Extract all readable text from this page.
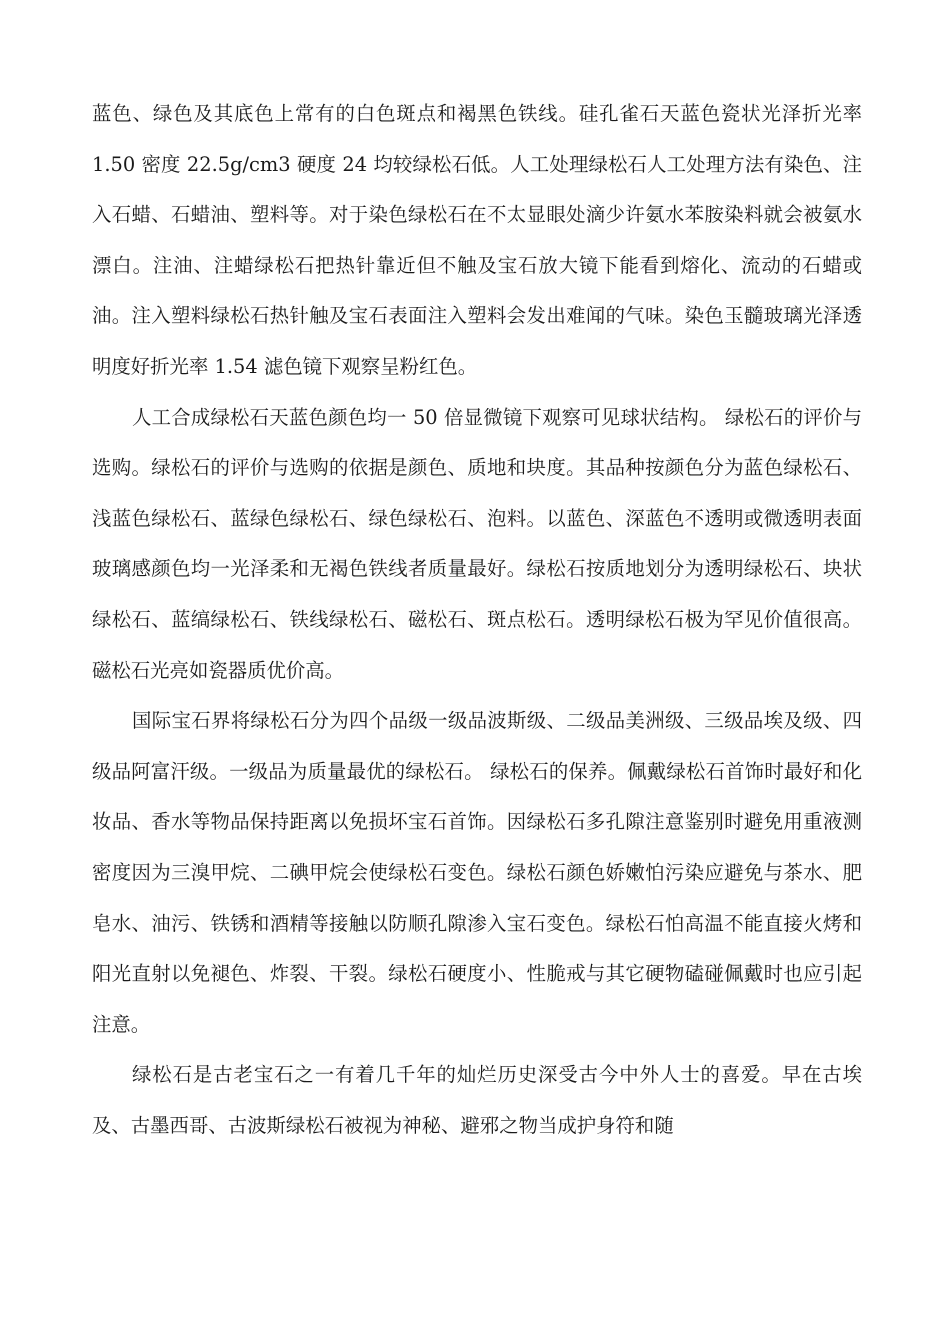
蓝色、绿色及其底色上常有的白色斑点和褐黑色铁线。硅孔雀石天蓝色瓷状光泽折光率 1.50 密度 22.5g/cm3 硬度 24 均较绿松石低。人工处理绿松石人工处理方法有染色、注入石蜡、石蜡油、塑料等。对于染色绿松石在不太显眼处滴少许氨水苯胺染料就会被氨水漂白。注油、注蜡绿松石把热针靠近但不触及宝石放大镜下能看到熔化、流动的石蜡或油。注入塑料绿松石热针触及宝石表面注入塑料会发出难闻的气味。染色玉髓玻璃光泽透明度好折光率 1.54 滤色镜下观察呈粉红色。

人工合成绿松石天蓝色颜色均一 50 倍显微镜下观察可见球状结构。 绿松石的评价与选购。绿松石的评价与选购的依据是颜色、质地和块度。其品种按颜色分为蓝色绿松石、浅蓝色绿松石、蓝绿色绿松石、绿色绿松石、泡料。以蓝色、深蓝色不透明或微透明表面玻璃感颜色均一光泽柔和无褐色铁线者质量最好。绿松石按质地划分为透明绿松石、块状绿松石、蓝缟绿松石、铁线绿松石、磁松石、斑点松石。透明绿松石极为罕见价值很高。磁松石光亮如瓷器质优价高。

国际宝石界将绿松石分为四个品级一级品波斯级、二级品美洲级、三级品埃及级、四级品阿富汗级。一级品为质量最优的绿松石。 绿松石的保养。佩戴绿松石首饰时最好和化妆品、香水等物品保持距离以免损坏宝石首饰。因绿松石多孔隙注意鉴别时避免用重液测密度因为三溴甲烷、二碘甲烷会使绿松石变色。绿松石颜色娇嫩怕污染应避免与茶水、肥皂水、油污、铁锈和酒精等接触以防顺孔隙渗入宝石变色。绿松石怕高温不能直接火烤和阳光直射以免褪色、炸裂、干裂。绿松石硬度小、性脆戒与其它硬物磕碰佩戴时也应引起注意。

绿松石是古老宝石之一有着几千年的灿烂历史深受古今中外人士的喜爱。早在古埃及、古墨西哥、古波斯绿松石被视为神秘、避邪之物当成护身符和随
